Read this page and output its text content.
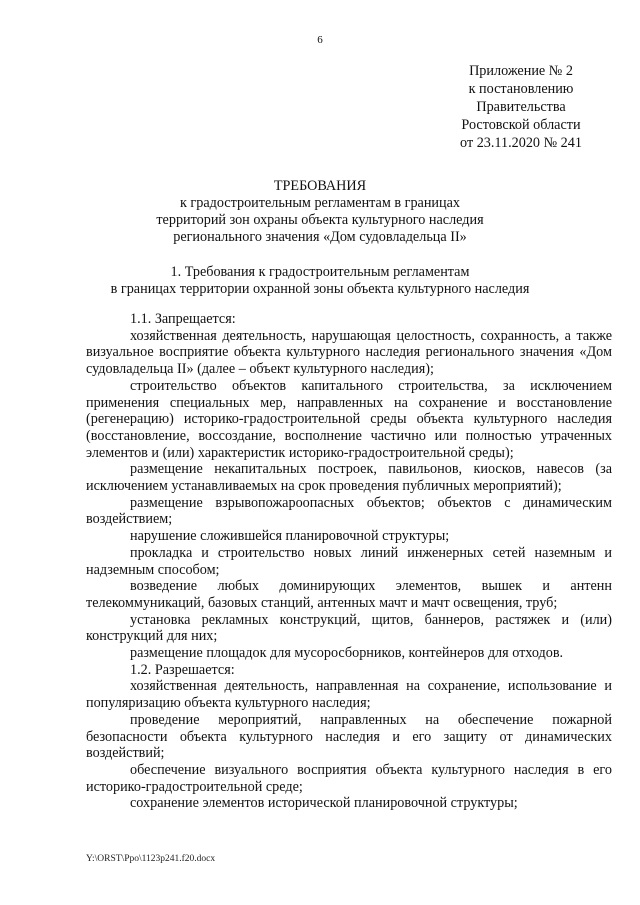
6
Приложение № 2
к постановлению
Правительства
Ростовской области
от 23.11.2020 № 241
ТРЕБОВАНИЯ
к градостроительным регламентам в границах
территорий зон охраны объекта культурного наследия
регионального значения «Дом судовладельца II»
1. Требования к градостроительным регламентам
в границах территории охранной зоны объекта культурного наследия
1.1. Запрещается:
хозяйственная деятельность, нарушающая целостность, сохранность, а также визуальное восприятие объекта культурного наследия регионального значения «Дом судовладельца II» (далее – объект культурного наследия);
строительство объектов капитального строительства, за исключением применения специальных мер, направленных на сохранение и восстановление (регенерацию) историко-градостроительной среды объекта культурного наследия (восстановление, воссоздание, восполнение частично или полностью утраченных элементов и (или) характеристик историко-градостроительной среды);
размещение некапитальных построек, павильонов, киосков, навесов (за исключением устанавливаемых на срок проведения публичных мероприятий);
размещение взрывопожароопасных объектов; объектов с динамическим воздействием;
нарушение сложившейся планировочной структуры;
прокладка и строительство новых линий инженерных сетей наземным и надземным способом;
возведение любых доминирующих элементов, вышек и антенн телекоммуникаций, базовых станций, антенных мачт и мачт освещения, труб;
установка рекламных конструкций, щитов, баннеров, растяжек и (или) конструкций для них;
размещение площадок для мусоросборников, контейнеров для отходов.
1.2. Разрешается:
хозяйственная деятельность, направленная на сохранение, использование и популяризацию объекта культурного наследия;
проведение мероприятий, направленных на обеспечение пожарной безопасности объекта культурного наследия и его защиту от динамических воздействий;
обеспечение визуального восприятия объекта культурного наследия в его историко-градостроительной среде;
сохранение элементов исторической планировочной структуры;
Y:\ORST\Ppo\1123p241.f20.docx
